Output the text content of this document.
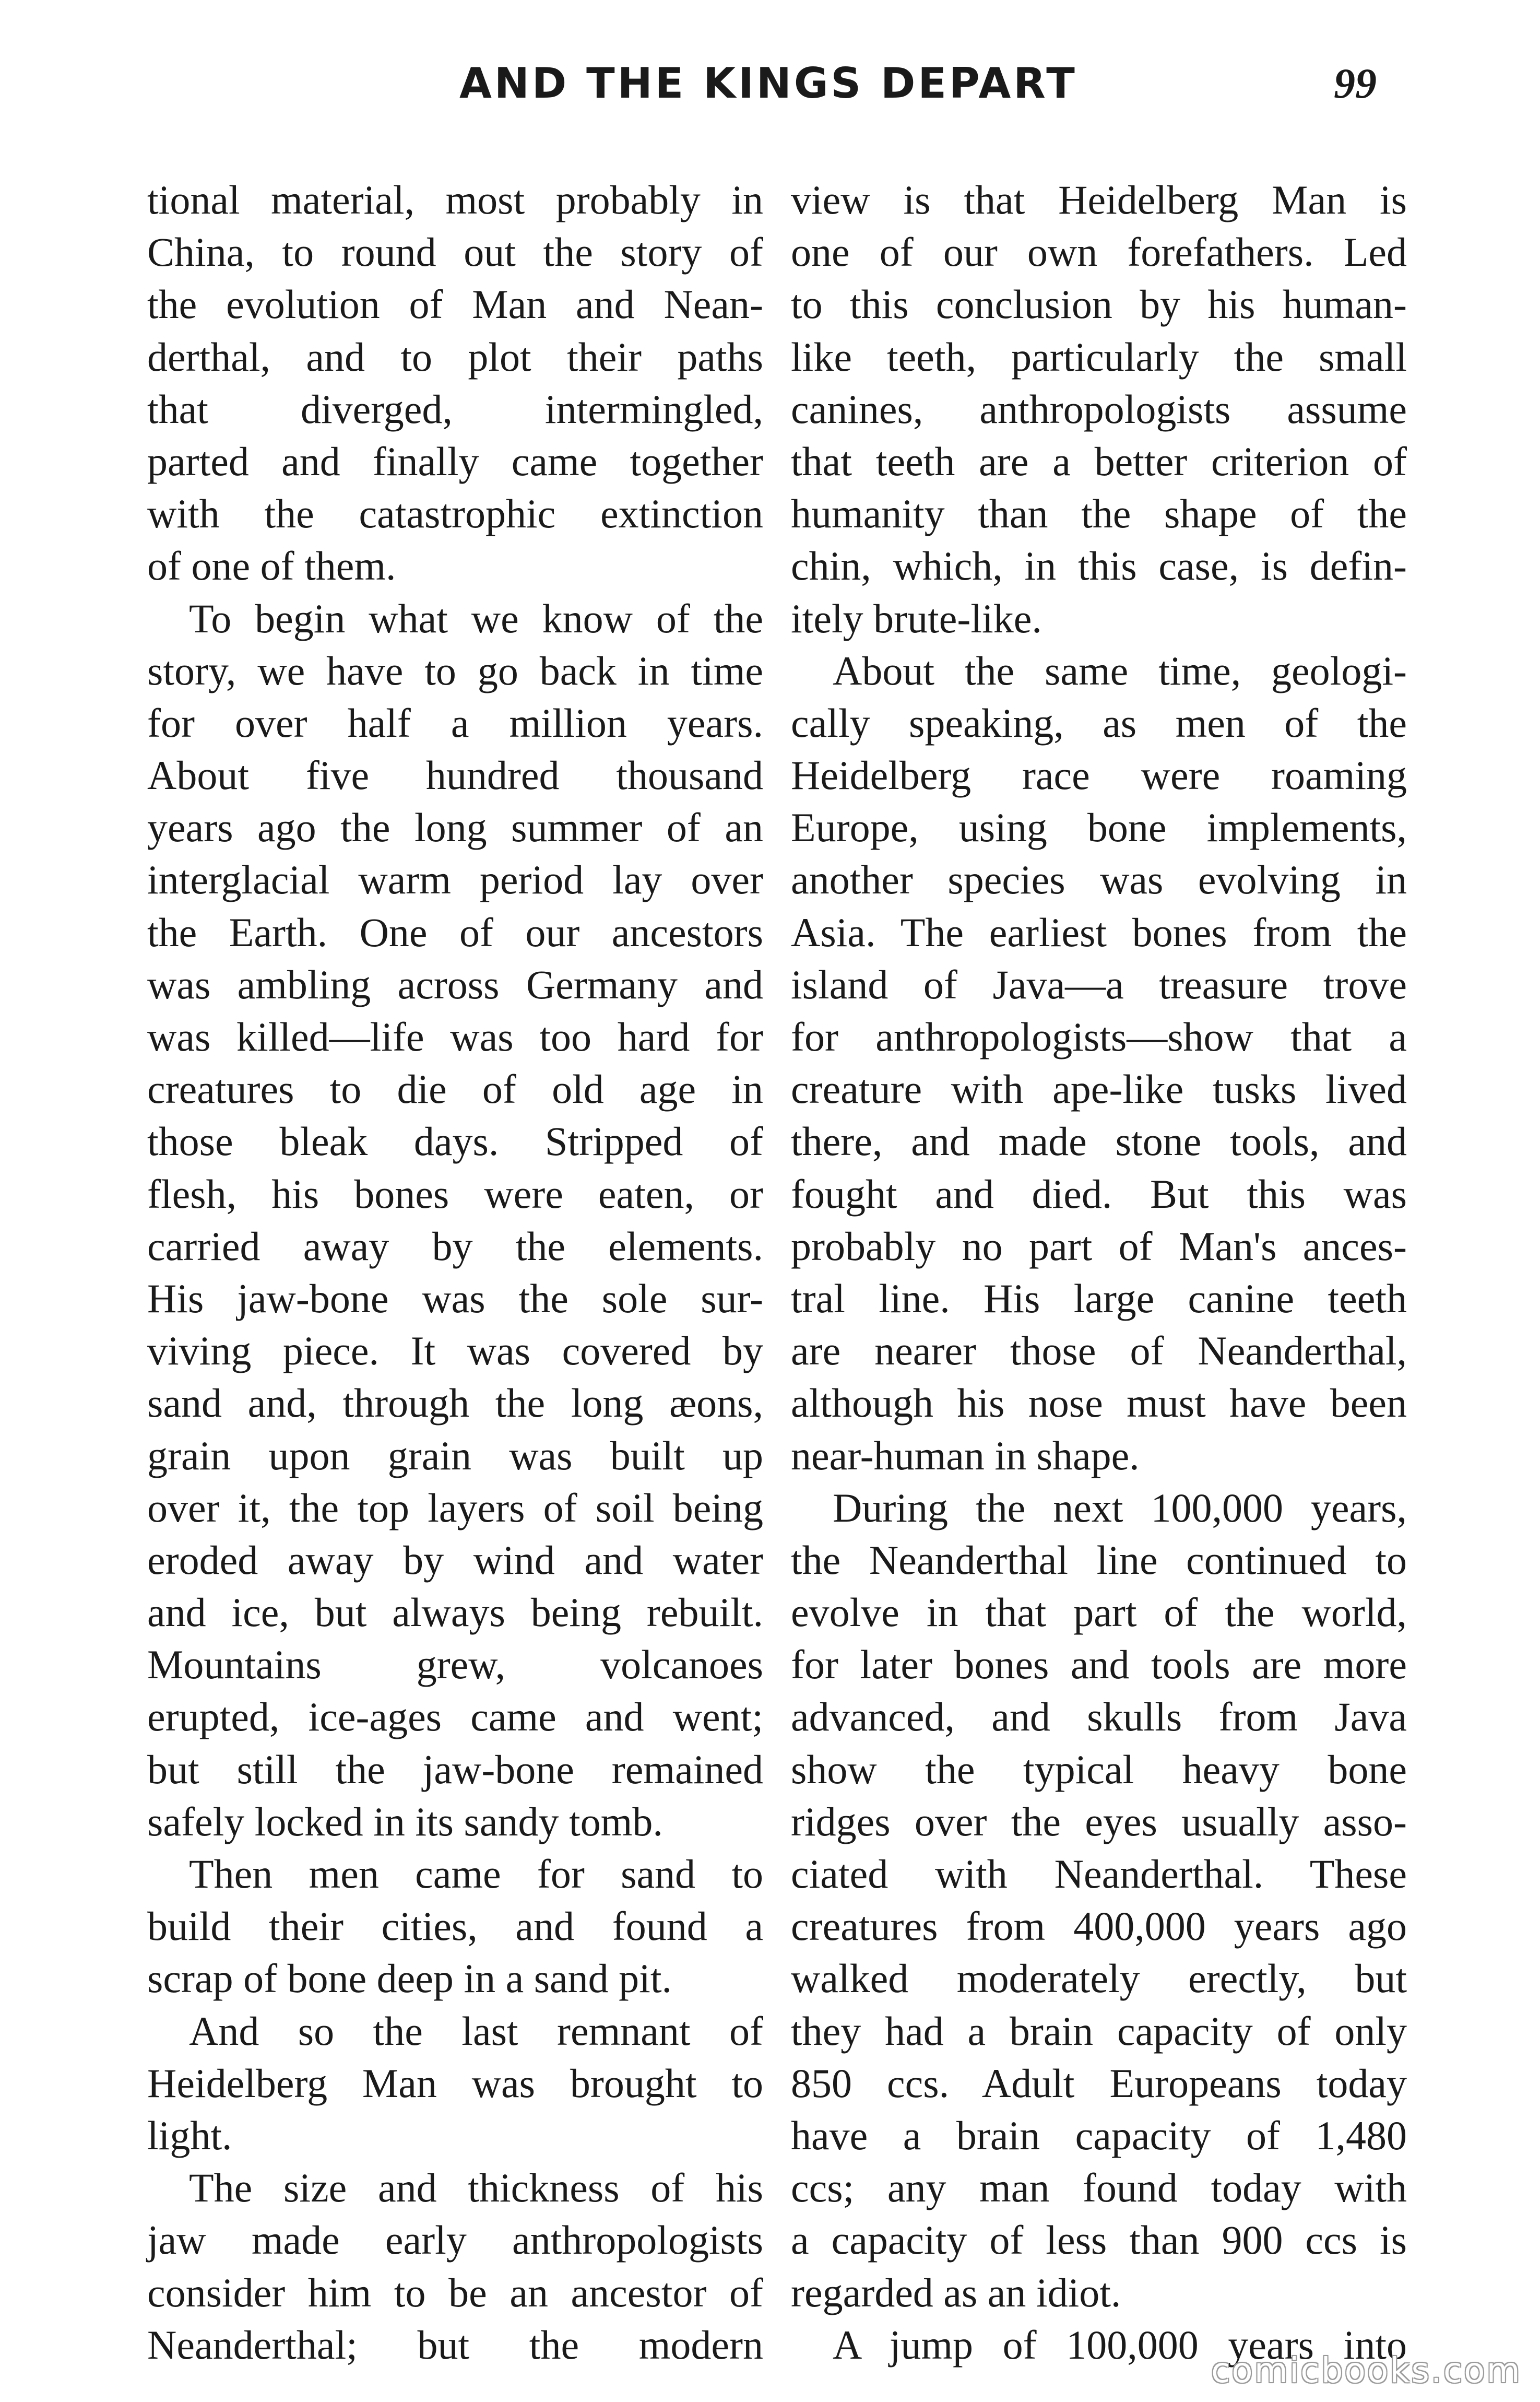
AND THE KINGS DEPART	99
tional material, most probably in
China, to round out the story of
the evolution of Man and Nean-
derthal, and to plot their paths
that diverged, intermingled,
parted and finally came together
with the catastrophic extinction
of one of them.
To begin what we know of the
story, we have to go back in time
for over half a million years.
About five hundred thousand
years ago the long summer of an
interglacial warm period lay over
the Earth. One of our ancestors
was ambling across Germany and
was killed—life was too hard for
creatures to die of old age in
those bleak days. Stripped of
flesh, his bones were eaten, or
carried away by the elements.
His jaw-bone was the sole sur-
viving piece. It was covered by
sand and, through the long æons,
grain upon grain was built up
over it, the top layers of soil being
eroded away by wind and water
and ice, but always being rebuilt.
Mountains grew, volcanoes
erupted, ice-ages came and went;
but still the jaw-bone remained
safely locked in its sandy tomb.
Then men came for sand to
build their cities, and found a
scrap of bone deep in a sand pit.
And so the last remnant of
Heidelberg Man was brought to
light.
The size and thickness of his
jaw made early anthropologists
consider him to be an ancestor of
Neanderthal; but the modern
view is that Heidelberg Man is
one of our own forefathers. Led
to this conclusion by his human-
like teeth, particularly the small
canines, anthropologists assume
that teeth are a better criterion of
humanity than the shape of the
chin, which, in this case, is defin-
itely brute-like.
About the same time, geologi-
cally speaking, as men of the
Heidelberg race were roaming
Europe, using bone implements,
another species was evolving in
Asia. The earliest bones from the
island of Java—a treasure trove
for anthropologists—show that a
creature with ape-like tusks lived
there, and made stone tools, and
fought and died. But this was
probably no part of Man's ances-
tral line. His large canine teeth
are nearer those of Neanderthal,
although his nose must have been
near-human in shape.
During the next 100,000 years,
the Neanderthal line continued to
evolve in that part of the world,
for later bones and tools are more
advanced, and skulls from Java
show the typical heavy bone
ridges over the eyes usually asso-
ciated with Neanderthal. These
creatures from 400,000 years ago
walked moderately erectly, but
they had a brain capacity of only
850 ccs. Adult Europeans today
have a brain capacity of 1,480
ccs; any man found today with
a capacity of less than 900 ccs is
regarded as an idiot.
A jump of 100,000 years into
comicbooks.com
